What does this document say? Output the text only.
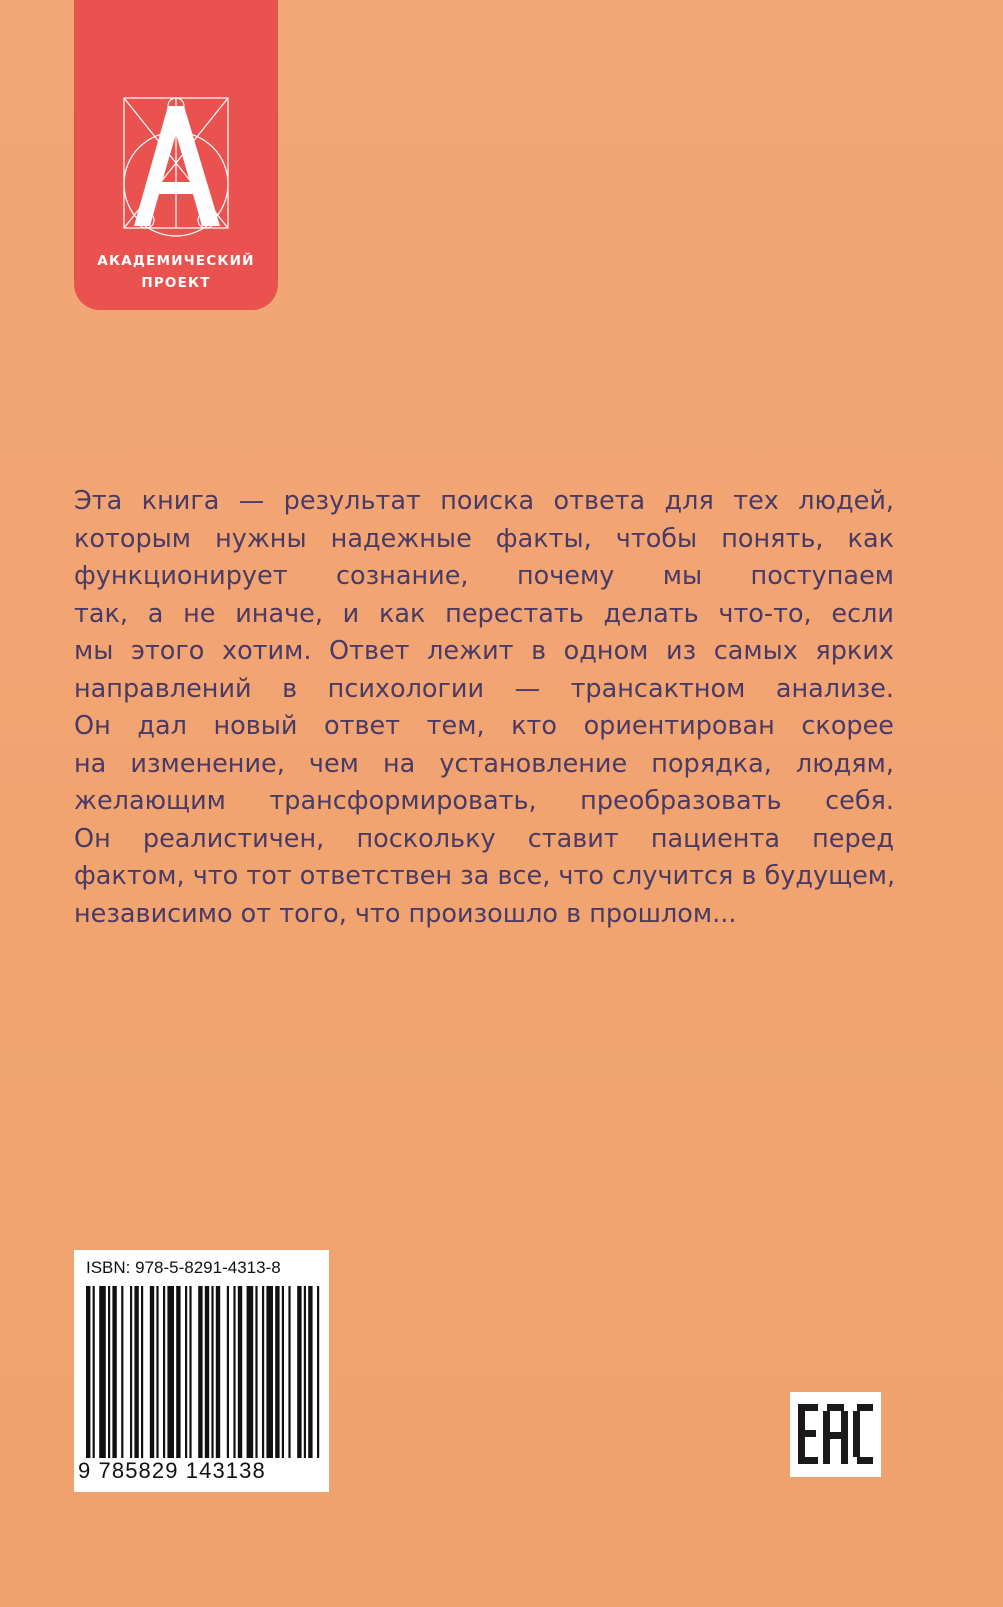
АКАДЕМИЧЕСКИЙ
ПРОЕКТ

Эта книга — результат поиска ответа для тех людей,
которым нужны надежные факты, чтобы понять, как
функционирует сознание, почему мы поступаем
так, а не иначе, и как перестать делать что-то, если
мы этого хотим. Ответ лежит в одном из самых ярких
направлений в психологии — трансактном анализе.
Он дал новый ответ тем, кто ориентирован скорее
на изменение, чем на установление порядка, людям,
желающим трансформировать, преобразовать себя.
Он реалистичен, поскольку ставит пациента перед
фактом, что тот ответствен за все, что случится в будущем,
независимо от того, что произошло в прошлом...

ISBN: 978-5-8291-4313-8
9 785829 143138
